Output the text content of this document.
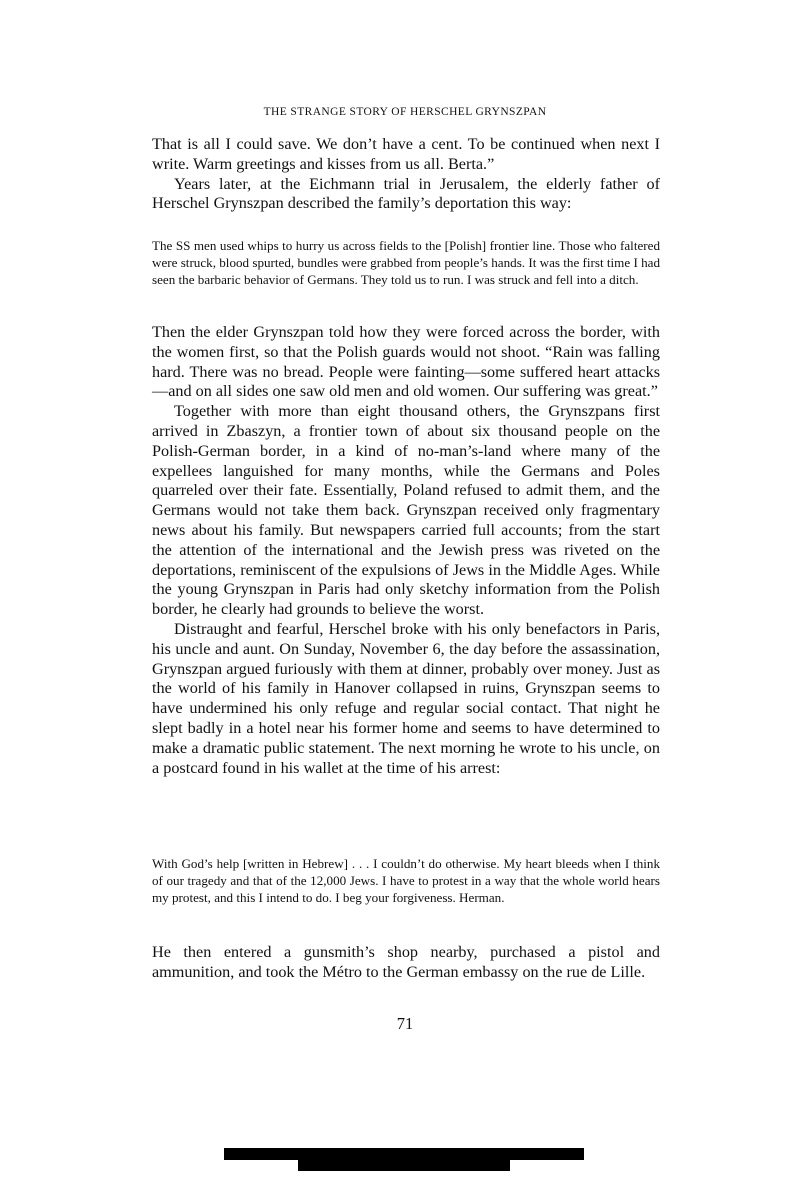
THE STRANGE STORY OF HERSCHEL GRYNSZPAN

That is all I could save. We don’t have a cent. To be continued when next I write. Warm greetings and kisses from us all. Berta.”

Years later, at the Eichmann trial in Jerusalem, the elderly father of Herschel Grynszpan described the family’s deportation this way:

The SS men used whips to hurry us across fields to the [Polish] frontier line. Those who faltered were struck, blood spurted, bundles were grabbed from people’s hands. It was the first time I had seen the barbaric behavior of Germans. They told us to run. I was struck and fell into a ditch.

Then the elder Grynszpan told how they were forced across the border, with the women first, so that the Polish guards would not shoot. “Rain was falling hard. There was no bread. People were fainting—some suffered heart attacks—and on all sides one saw old men and old women. Our suffering was great.”

Together with more than eight thousand others, the Grynszpans first arrived in Zbaszyn, a frontier town of about six thousand people on the Polish-German border, in a kind of no-man’s-land where many of the expellees languished for many months, while the Germans and Poles quarreled over their fate. Essentially, Poland refused to admit them, and the Germans would not take them back. Grynszpan received only fragmentary news about his family. But newspapers carried full accounts; from the start the attention of the international and the Jewish press was riveted on the deportations, reminiscent of the expulsions of Jews in the Middle Ages. While the young Grynszpan in Paris had only sketchy information from the Polish border, he clearly had grounds to believe the worst.

Distraught and fearful, Herschel broke with his only benefactors in Paris, his uncle and aunt. On Sunday, November 6, the day before the assassination, Grynszpan argued furiously with them at dinner, probably over money. Just as the world of his family in Hanover collapsed in ruins, Grynszpan seems to have undermined his only refuge and regular social contact. That night he slept badly in a hotel near his former home and seems to have determined to make a dramatic public statement. The next morning he wrote to his uncle, on a postcard found in his wallet at the time of his arrest:

With God’s help [written in Hebrew] . . . I couldn’t do otherwise. My heart bleeds when I think of our tragedy and that of the 12,000 Jews. I have to protest in a way that the whole world hears my protest, and this I intend to do. I beg your forgiveness. Herman.

He then entered a gunsmith’s shop nearby, purchased a pistol and ammunition, and took the Métro to the German embassy on the rue de Lille.

71
